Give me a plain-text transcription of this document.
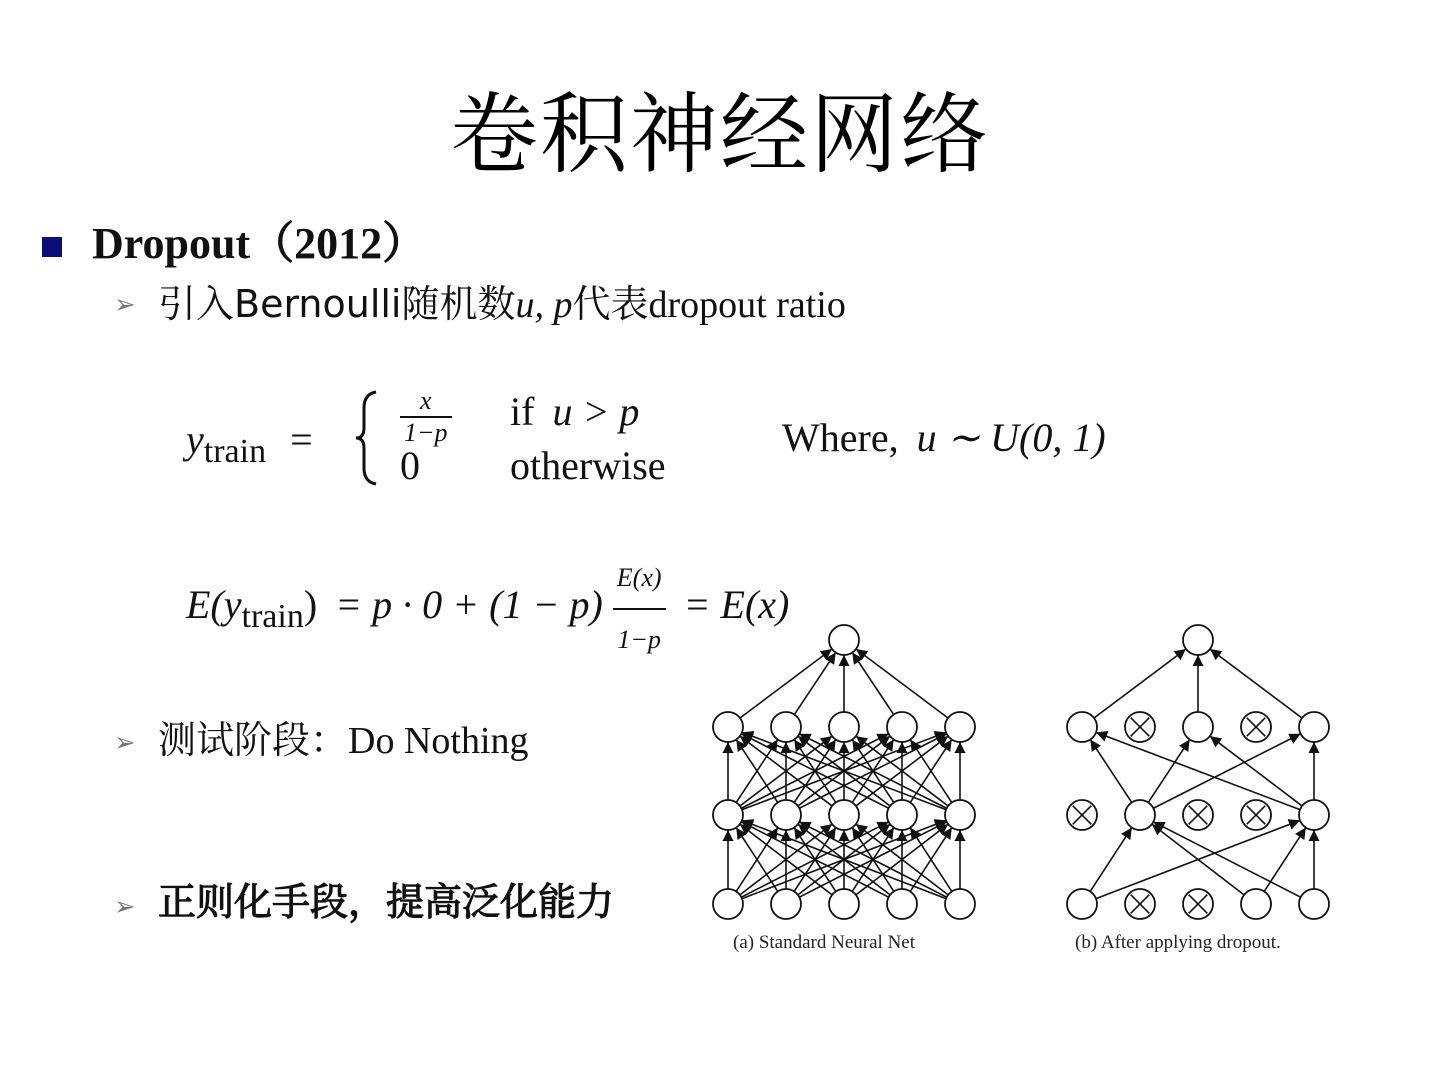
卷积神经网络
Dropout（2012）
➢ 引入Bernoulli随机数u, p代表dropout ratio
$y_{train}$ =	$\frac{x}{1-p}$ if u > p
0 otherwise
Where, u ∼ U(0, 1)
$E(y_{train}) = p \cdot 0 + (1 - p) \frac{E(x)}{1-p} = E(x)$
➢ 测试阶段：Do Nothing
➢ 正则化手段，提高泛化能力
(a) Standard Neural Net	(b) After applying dropout.
